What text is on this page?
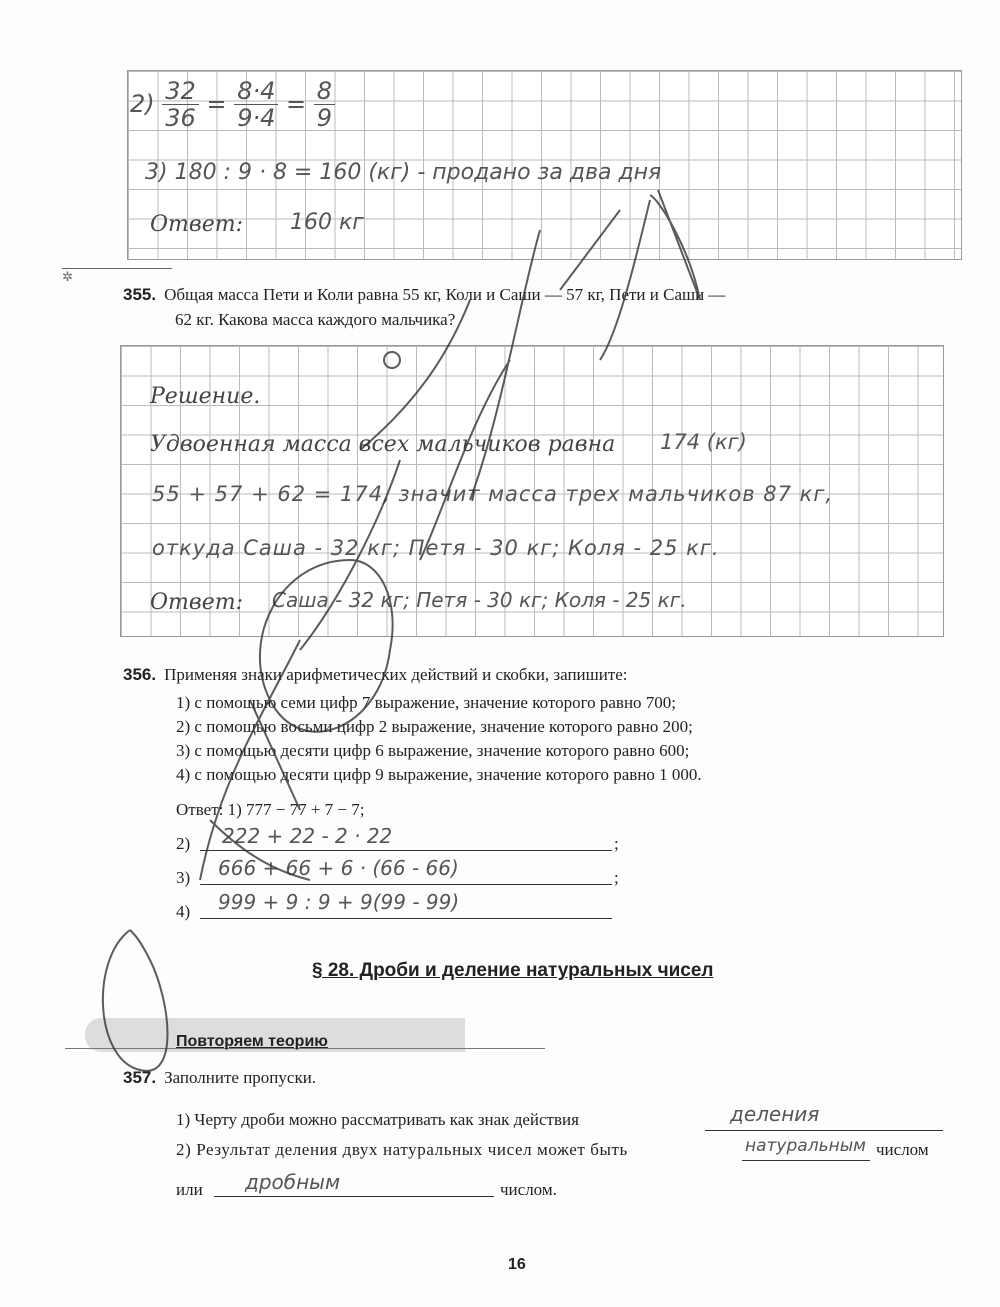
$2) \frac{32}{36} = \frac{8\cdot 4}{9\cdot 4} = \frac{8}{9}$
3) 180 : 9 · 8 = 160 (кг) - продано за два дня
Ответ: 160 кг
✲
355. Общая масса Пети и Коли равна 55 кг, Коли и Саши — 57 кг, Пети и Саши —
62 кг. Какова масса каждого мальчика?
Решение.
Удвоенная масса всех мальчиков равна 174 (кг)
55 + 57 + 62 = 174, значит масса трех мальчиков 87 кг,
откуда Саша - 32 кг; Петя - 30 кг; Коля - 25 кг.
Ответ: Саша - 32 кг; Петя - 30 кг; Коля - 25 кг.
356. Применяя знаки арифметических действий и скобки, запишите:
1) с помощью семи цифр 7 выражение, значение которого равно 700;
2) с помощью восьми цифр 2 выражение, значение которого равно 200;
3) с помощью десяти цифр 6 выражение, значение которого равно 600;
4) с помощью десяти цифр 9 выражение, значение которого равно 1 000.
Ответ: 1) 777 − 77 + 7 − 7;
2) 222 + 22 - 2 · 22	;
3) 666 + 66 + 6 · (66 - 66)	;
4) 999 + 9 : 9 + 9(99 - 99)
§ 28. Дроби и деление натуральных чисел
Повторяем теорию
357. Заполните пропуски.
1) Черту дроби можно рассматривать как знак действия	деления
2) Результат деления двух натуральных чисел может быть	натуральным числом
или дробным	числом.
16
